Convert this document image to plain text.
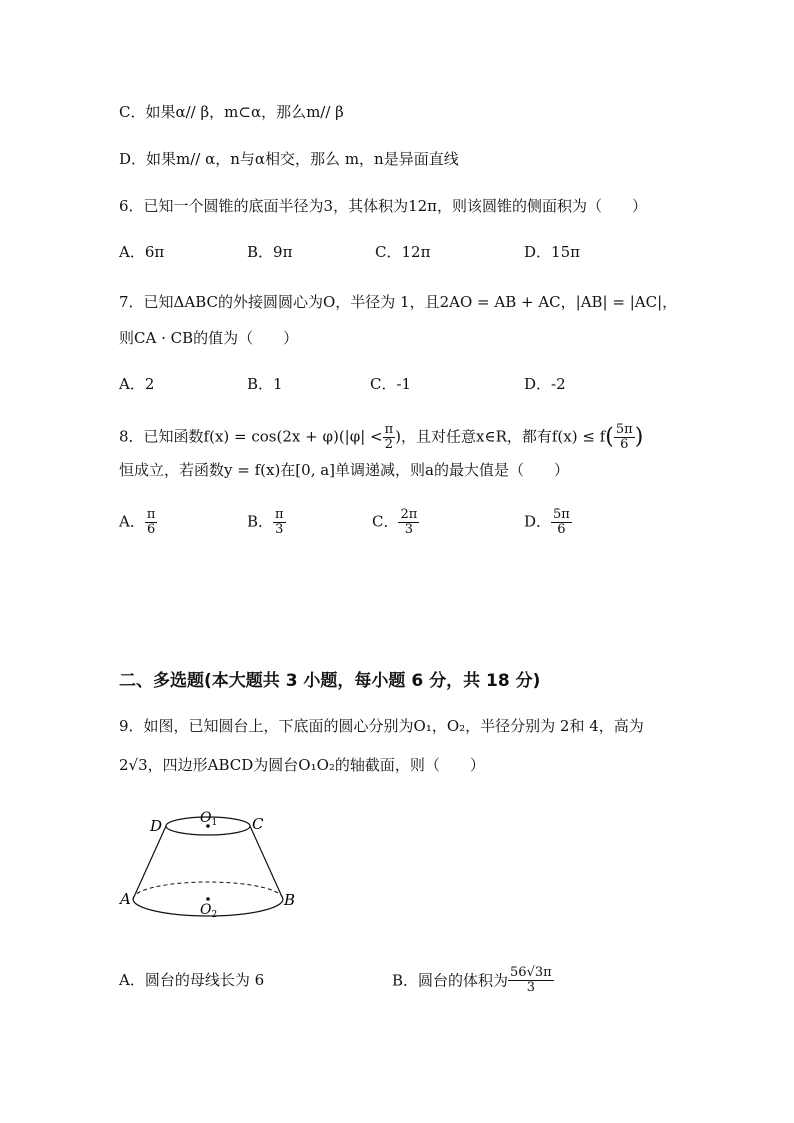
C．如果α// β，m⊂α，那么m// β
D．如果m// α，n与α相交，那么 m，n是异面直线
6．已知一个圆锥的底面半径为3，其体积为12π，则该圆锥的侧面积为（　　）
A．6π	B．9π	C．12π	D．15π
7．已知ΔABC的外接圆圆心为O，半径为 1，且2AO = AB + AC，|AB| = |AC|，
则CA · CB的值为（　　）
A．2	B．1	C．-1	D．-2
8．已知函数$f(x) = \cos(2x + \varphi)(|\varphi| < \frac{\pi}{2}$ )，且对任意x∈R，都有$f(x) \le f( \frac{5\pi}{6}$ )
恒成立，若函数y = f(x)在[0, a]单调递减，则a的最大值是（　　）
A． $\frac{\pi}{6}$	B． $\frac{\pi}{3}$	C． $\frac{2\pi}{3}$	D． $\frac{5\pi}{6}$
二、多选题(本大题共 3 小题，每小题 6 分，共 18 分)
9．如图，已知圆台上，下底面的圆心分别为O₁，O₂，半径分别为 2和 4，高为
2√3，四边形ABCD为圆台O₁O₂的轴截面，则（　　）
D	C
A	B
$O_1$
$O_2$
A．圆台的母线长为 6	B．圆台的体积为 $\frac{56√3\pi}{3}$
